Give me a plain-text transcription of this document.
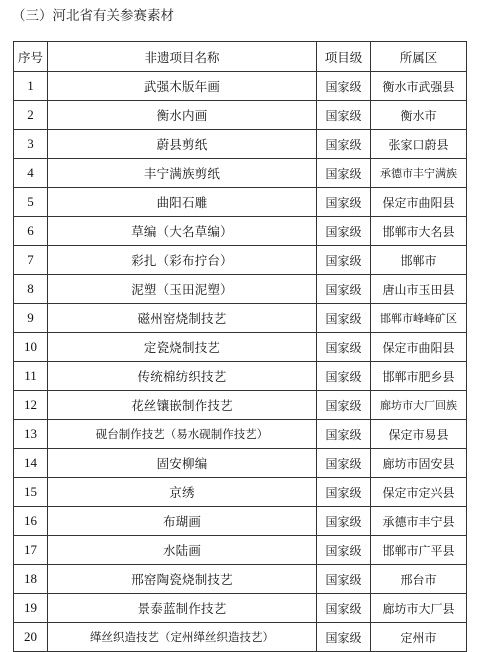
（三）河北省有关参赛素材
序号	非遗项目名称	项目级	所属区
1	武强木版年画	国家级	衡水市武强县
2	衡水内画	国家级	衡水市
3	蔚县剪纸	国家级	张家口蔚县
4	丰宁满族剪纸	国家级	承德市丰宁满族
5	曲阳石雕	国家级	保定市曲阳县
6	草编（大名草编）	国家级	邯郸市大名县
7	彩扎（彩布拧台）	国家级	邯郸市
8	泥塑（玉田泥塑）	国家级	唐山市玉田县
9	磁州窑烧制技艺	国家级	邯郸市峰峰矿区
10	定瓷烧制技艺	国家级	保定市曲阳县
11	传统棉纺织技艺	国家级	邯郸市肥乡县
12	花丝镶嵌制作技艺	国家级	廊坊市大厂回族
13	砚台制作技艺（易水砚制作技艺）	国家级	保定市易县
14	固安柳编	国家级	廊坊市固安县
15	京绣	国家级	保定市定兴县
16	布瑚画	国家级	承德市丰宁县
17	水陆画	国家级	邯郸市广平县
18	邢窑陶瓷烧制技艺	国家级	邢台市
19	景泰蓝制作技艺	国家级	廊坊市大厂县
20	缂丝织造技艺（定州缂丝织造技艺）	国家级	定州市
